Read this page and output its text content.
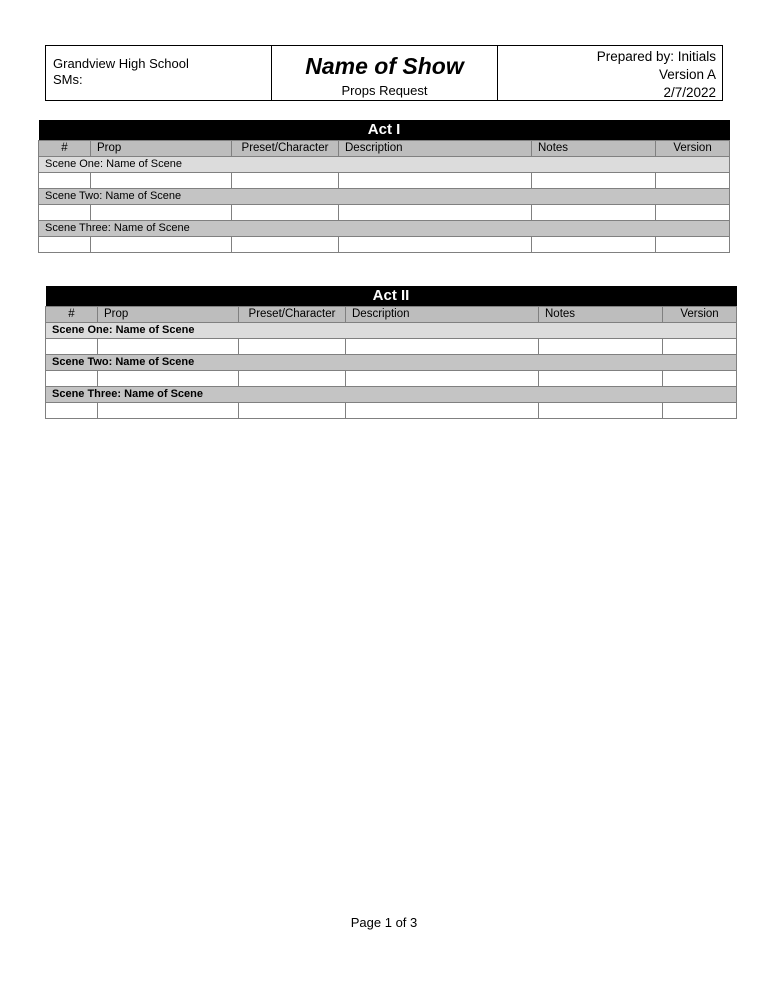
Grandview High School
SMs:
Name of Show
Props Request
Prepared by: Initials
Version A
2/7/2022
Act I					
#	Prop	Preset/Character	Description	Notes	Version
Scene One: Name of Scene					

Scene Two: Name of Scene					

Scene Three: Name of Scene					

Act II					
#	Prop	Preset/Character	Description	Notes	Version
Scene One: Name of Scene					

Scene Two: Name of Scene					

Scene Three: Name of Scene					

Page 1 of 3
